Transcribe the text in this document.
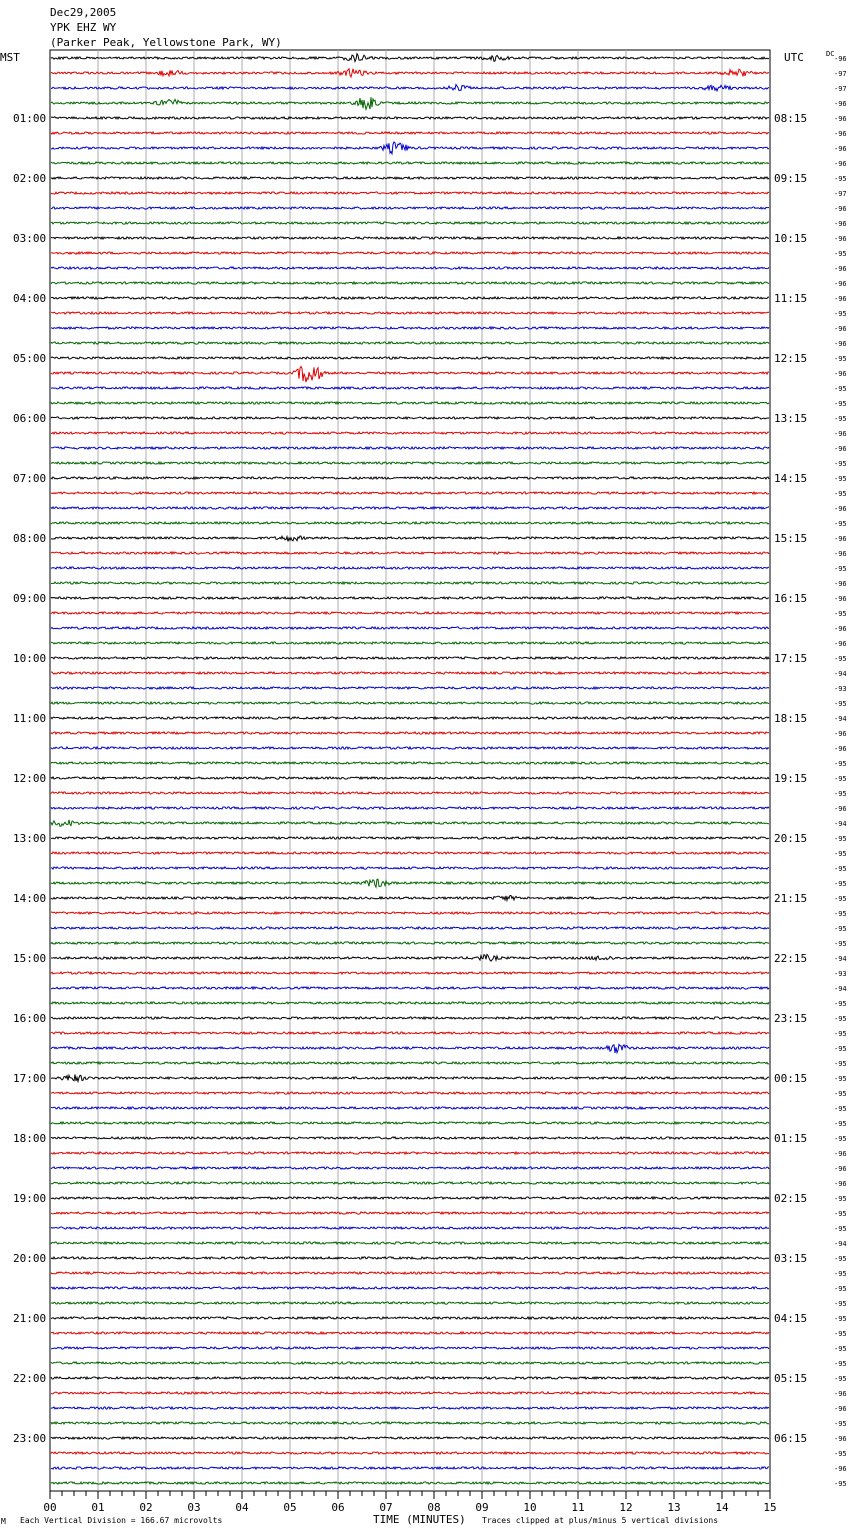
Dec29,2005
YPK EHZ WY
(Parker Peak, Yellowstone Park, WY)
MST	UTC	DC
01:00
02:00
03:00
04:00
05:00
06:00
07:00
08:00
09:00
10:00
11:00
12:00
13:00
14:00
15:00
16:00
17:00
18:00
19:00
20:00
21:00
22:00
23:00
08:15
09:15
10:15
11:15
12:15
13:15
14:15
15:15
16:15
17:15
18:15
19:15
20:15
21:15
22:15
23:15
00:15
01:15
02:15
03:15
04:15
05:15
06:15
-96
-97
-97
-96
-96
-96
-96
-96
-95
-97
-96
-96
-96
-95
-96
-96
-96
-95
-96
-96
-95
-96
-95
-95
-95
-96
-96
-95
-95
-95
-96
-95
-96
-96
-95
-96
-96
-95
-96
-96
-95
-94
-93
-95
-94
-96
-96
-95
-95
-95
-96
-94
-95
-95
-95
-95
-95
-95
-95
-95
-94
-93
-94
-95
-95
-95
-95
-95
-95
-95
-95
-95
-95
-96
-96
-96
-95
-95
-95
-94
-95
-95
-95
-95
-95
-95
-95
-95
-95
-96
-96
-95
-96
-95
-96
-95
00	01	02	03	04	05	06	07	08	09	10	11	12	13	14	15
M Each Vertical Division = 166.67 microvolts	TIME (MINUTES) Traces clipped at plus/minus 5 vertical divisions
